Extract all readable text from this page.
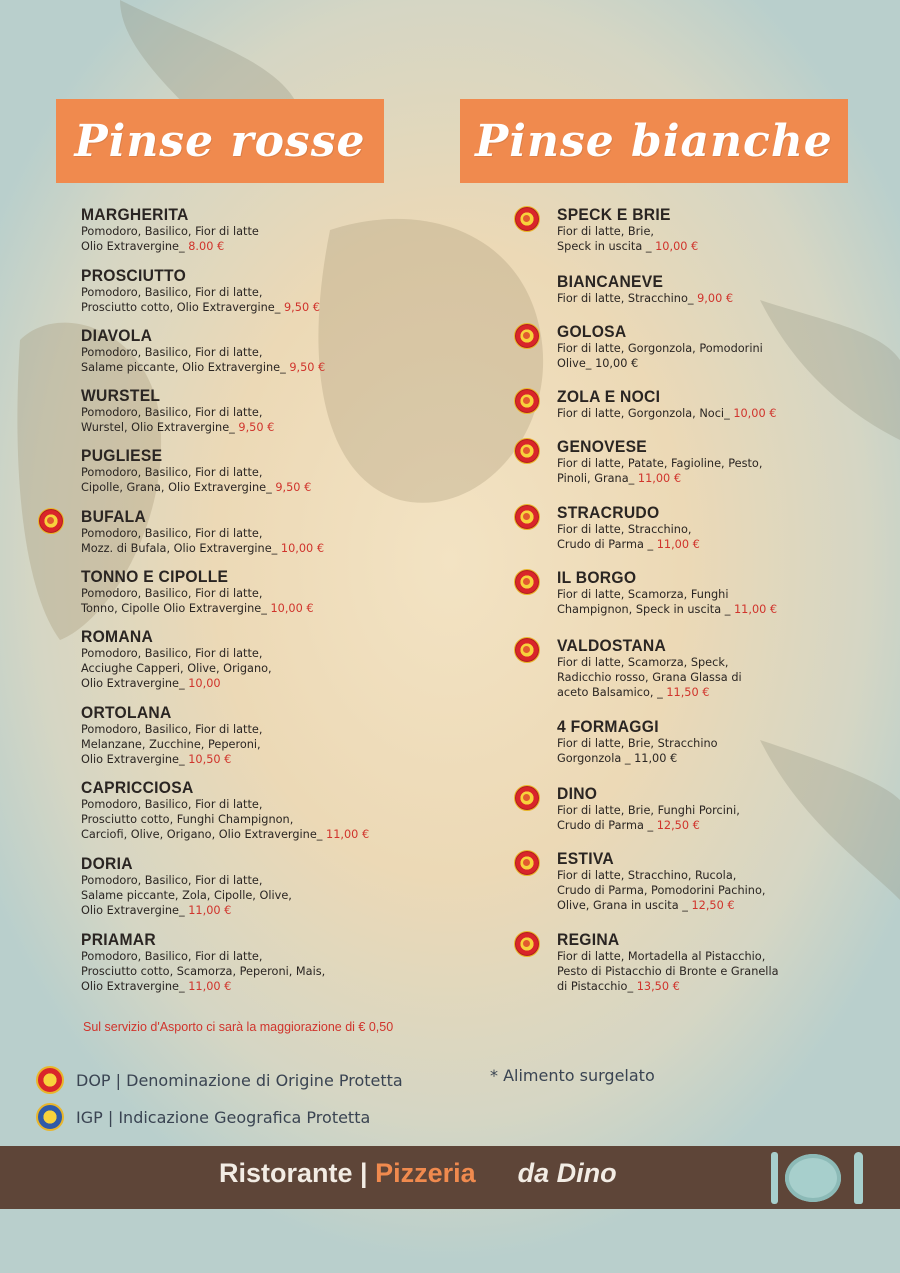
Pinse rosse Pinse bianche
MARGHERITA
Pomodoro, Basilico, Fior di latte
Olio Extravergine_ 8.00 €
PROSCIUTTO
Pomodoro, Basilico, Fior di latte,
Prosciutto cotto, Olio Extravergine_ 9,50 €
DIAVOLA
Pomodoro, Basilico, Fior di latte,
Salame piccante, Olio Extravergine_ 9,50 €
WURSTEL
Pomodoro, Basilico, Fior di latte,
Wurstel, Olio Extravergine_ 9,50 €
PUGLIESE
Pomodoro, Basilico, Fior di latte,
Cipolle, Grana, Olio Extravergine_ 9,50 €
BUFALA
Pomodoro, Basilico, Fior di latte,
Mozz. di Bufala, Olio Extravergine_ 10,00 €
TONNO E CIPOLLE
Pomodoro, Basilico, Fior di latte,
Tonno, Cipolle Olio Extravergine_ 10,00 €
ROMANA
Pomodoro, Basilico, Fior di latte,
Acciughe Capperi, Olive, Origano,
Olio Extravergine_ 10,00
ORTOLANA
Pomodoro, Basilico, Fior di latte,
Melanzane, Zucchine, Peperoni,
Olio Extravergine_ 10,50 €
CAPRICCIOSA
Pomodoro, Basilico, Fior di latte,
Prosciutto cotto, Funghi Champignon,
Carciofi, Olive, Origano, Olio Extravergine_ 11,00 €
DORIA
Pomodoro, Basilico, Fior di latte,
Salame piccante, Zola, Cipolle, Olive,
Olio Extravergine_ 11,00 €
PRIAMAR
Pomodoro, Basilico, Fior di latte,
Prosciutto cotto, Scamorza, Peperoni, Mais,
Olio Extravergine_ 11,00 €
SPECK E BRIE
Fior di latte, Brie,
Speck in uscita _ 10,00 €
BIANCANEVE
Fior di latte, Stracchino_ 9,00 €
GOLOSA
Fior di latte, Gorgonzola, Pomodorini
Olive_ 10,00 €
ZOLA E NOCI
Fior di latte, Gorgonzola, Noci_ 10,00 €
GENOVESE
Fior di latte, Patate, Fagioline, Pesto,
Pinoli, Grana_ 11,00 €
STRACRUDO
Fior di latte, Stracchino,
Crudo di Parma _ 11,00 €
IL BORGO
Fior di latte, Scamorza, Funghi
Champignon, Speck in uscita _ 11,00 €
VALDOSTANA
Fior di latte, Scamorza, Speck,
Radicchio rosso, Grana Glassa di
aceto Balsamico, _ 11,50 €
4 FORMAGGI
Fior di latte, Brie, Stracchino
Gorgonzola _ 11,00 €
DINO
Fior di latte, Brie, Funghi Porcini,
Crudo di Parma _ 12,50 €
ESTIVA
Fior di latte, Stracchino, Rucola,
Crudo di Parma, Pomodorini Pachino,
Olive, Grana in uscita _ 12,50 €
REGINA
Fior di latte, Mortadella al Pistacchio,
Pesto di Pistacchio di Bronte e Granella
di Pistacchio_ 13,50 €
Sul servizio d'Asporto ci sarà la maggiorazione di € 0,50
DOP | Denominazione di Origine Protetta	* Alimento surgelato
IGP | Indicazione Geografica Protetta
Ristorante | Pizzeria da Dino
